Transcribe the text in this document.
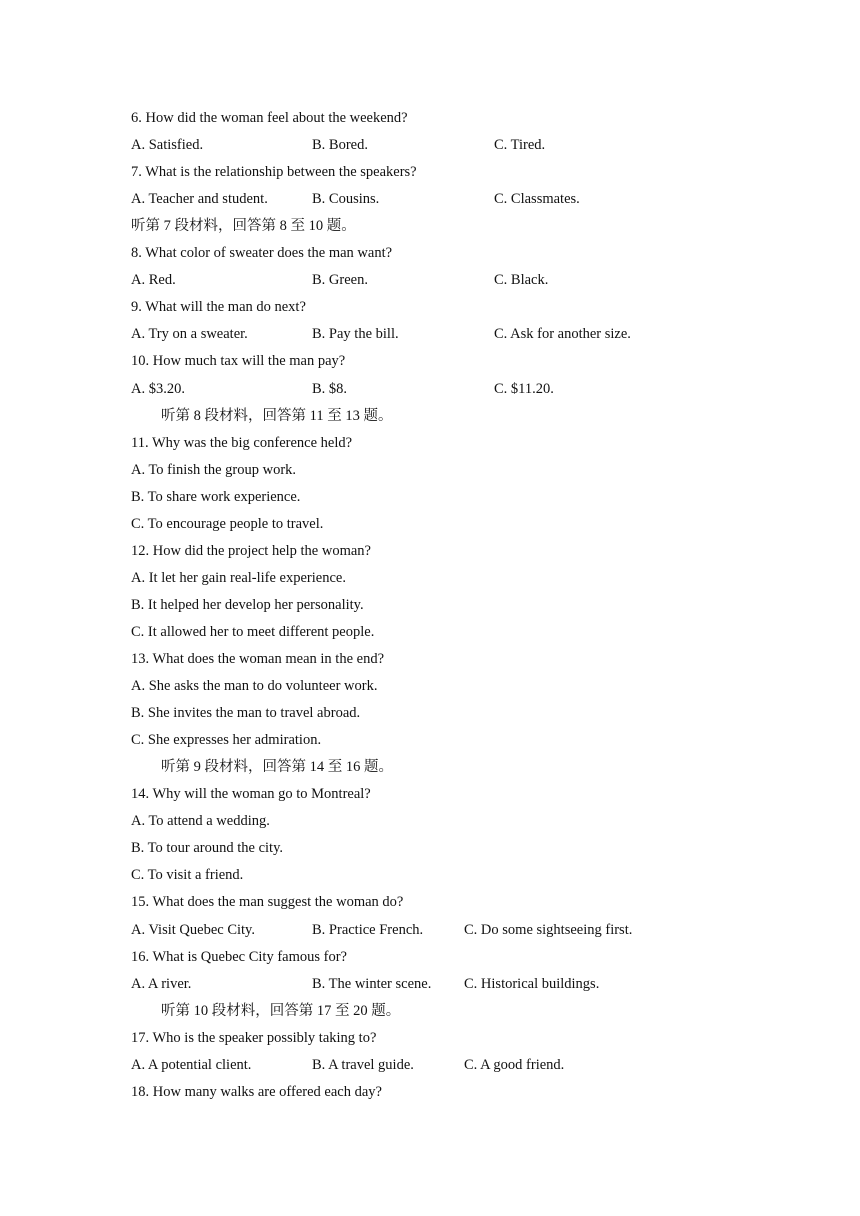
6. How did the woman feel about the weekend?
A. Satisfied.	B. Bored.	C. Tired.
7. What is the relationship between the speakers?
A. Teacher and student.	B. Cousins.	C. Classmates.
听第 7 段材料，回答第 8 至 10 题。
8. What color of sweater does the man want?
A. Red.	B. Green.	C. Black.
9. What will the man do next?
A. Try on a sweater.	B. Pay the bill.	C. Ask for another size.
10. How much tax will the man pay?
A. $3.20.	B. $8.	C. $11.20.
听第 8 段材料，回答第 11 至 13 题。
11. Why was the big conference held?
A. To finish the group work.
B. To share work experience.
C. To encourage people to travel.
12. How did the project help the woman?
A. It let her gain real-life experience.
B. It helped her develop her personality.
C. It allowed her to meet different people.
13. What does the woman mean in the end?
A. She asks the man to do volunteer work.
B. She invites the man to travel abroad.
C. She expresses her admiration.
听第 9 段材料，回答第 14 至 16 题。
14. Why will the woman go to Montreal?
A. To attend a wedding.
B. To tour around the city.
C. To visit a friend.
15. What does the man suggest the woman do?
A. Visit Quebec City.	B. Practice French.	C. Do some sightseeing first.
16. What is Quebec City famous for?
A. A river.	B. The winter scene. C. Historical buildings.
听第 10 段材料，回答第 17 至 20 题。
17. Who is the speaker possibly taking to?
A. A potential client.	B. A travel guide.	C. A good friend.
18. How many walks are offered each day?
